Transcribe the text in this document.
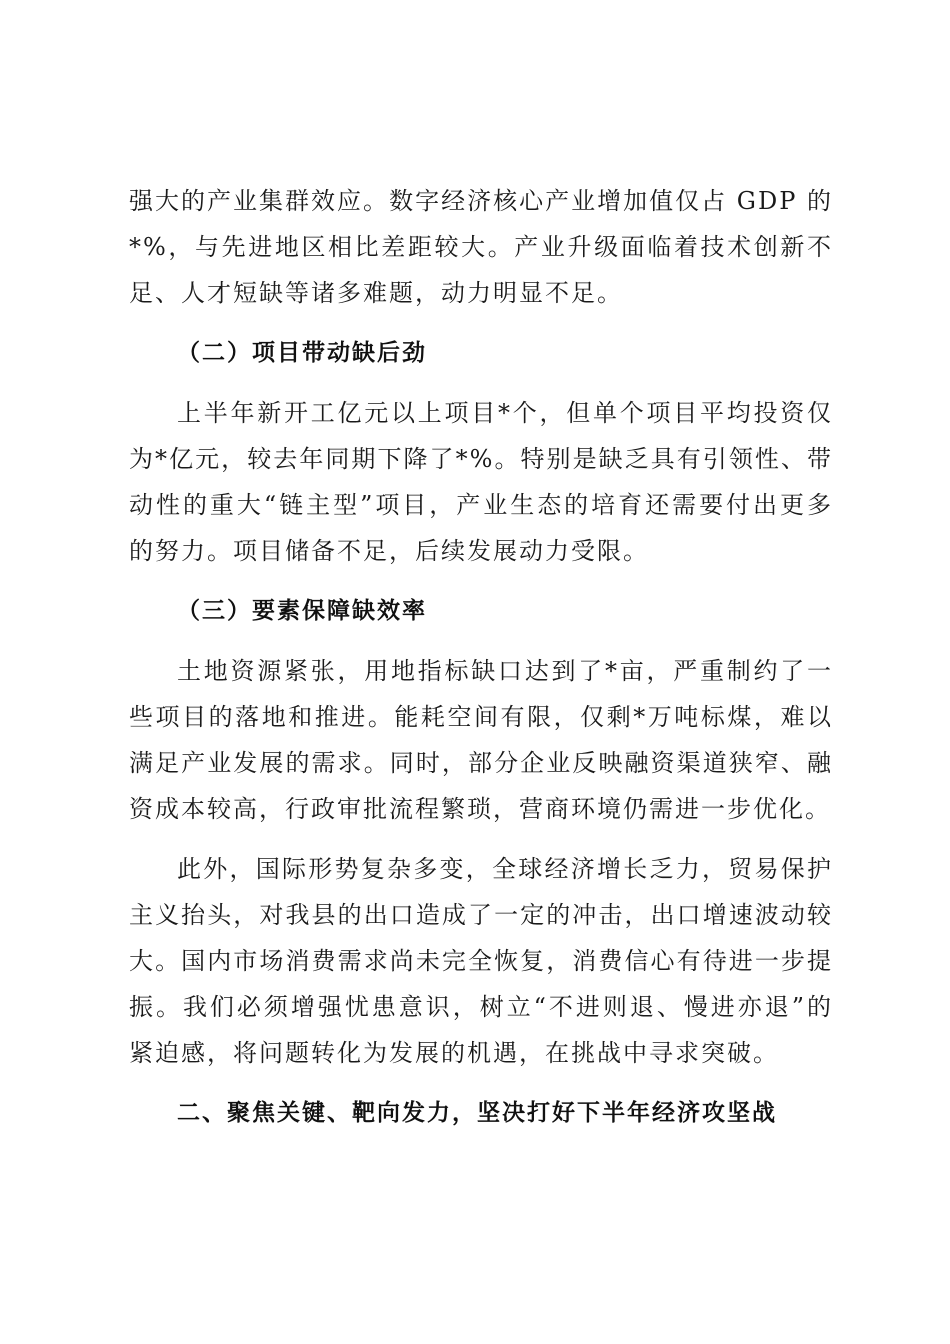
强大的产业集群效应。数字经济核心产业增加值仅占 GDP 的*%，与先进地区相比差距较大。产业升级面临着技术创新不足、人才短缺等诸多难题，动力明显不足。

（二）项目带动缺后劲

上半年新开工亿元以上项目*个，但单个项目平均投资仅为*亿元，较去年同期下降了*%。特别是缺乏具有引领性、带动性的重大“链主型”项目，产业生态的培育还需要付出更多的努力。项目储备不足，后续发展动力受限。

（三）要素保障缺效率

土地资源紧张，用地指标缺口达到了*亩，严重制约了一些项目的落地和推进。能耗空间有限，仅剩*万吨标煤，难以满足产业发展的需求。同时，部分企业反映融资渠道狭窄、融资成本较高，行政审批流程繁琐，营商环境仍需进一步优化。

此外，国际形势复杂多变，全球经济增长乏力，贸易保护主义抬头，对我县的出口造成了一定的冲击，出口增速波动较大。国内市场消费需求尚未完全恢复，消费信心有待进一步提振。我们必须增强忧患意识，树立“不进则退、慢进亦退”的紧迫感，将问题转化为发展的机遇，在挑战中寻求突破。

二、聚焦关键、靶向发力，坚决打好下半年经济攻坚战
